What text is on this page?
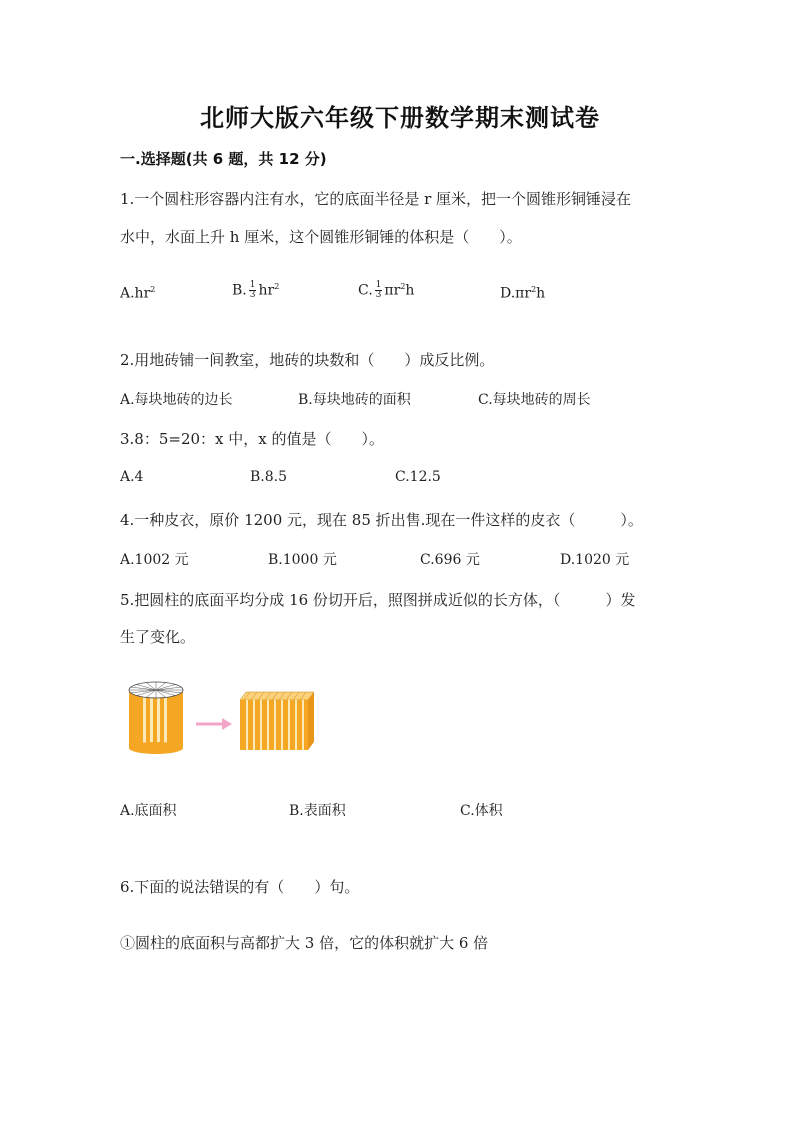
北师大版六年级下册数学期末测试卷
一.选择题(共 6 题，共 12 分)
1.一个圆柱形容器内注有水，它的底面半径是 r 厘米，把一个圆锥形铜锤浸在
水中，水面上升 h 厘米，这个圆锥形铜锤的体积是（　　）。
$A.hr^2$	B. $\frac{1}{3} hr^2$	C. $\frac{1}{3} \pi r^2h$	$D.\pi r^2h$
2.用地砖铺一间教室，地砖的块数和（　　）成反比例。
A.每块地砖的边长	B.每块地砖的面积	C.每块地砖的周长
3.8：5=20：x 中，x 的值是（　　）。
A.4	B.8.5	C.12.5
4.一种皮衣，原价 1200 元，现在 85 折出售.现在一件这样的皮衣（　　　）。
A.1002 元	B.1000 元	C.696 元	D.1020 元
5.把圆柱的底面平均分成 16 份切开后，照图拼成近似的长方体，（　　　）发
生了变化。
A.底面积	B.表面积	C.体积
6.下面的说法错误的有（　　）句。
①圆柱的底面积与高都扩大 3 倍，它的体积就扩大 6 倍
